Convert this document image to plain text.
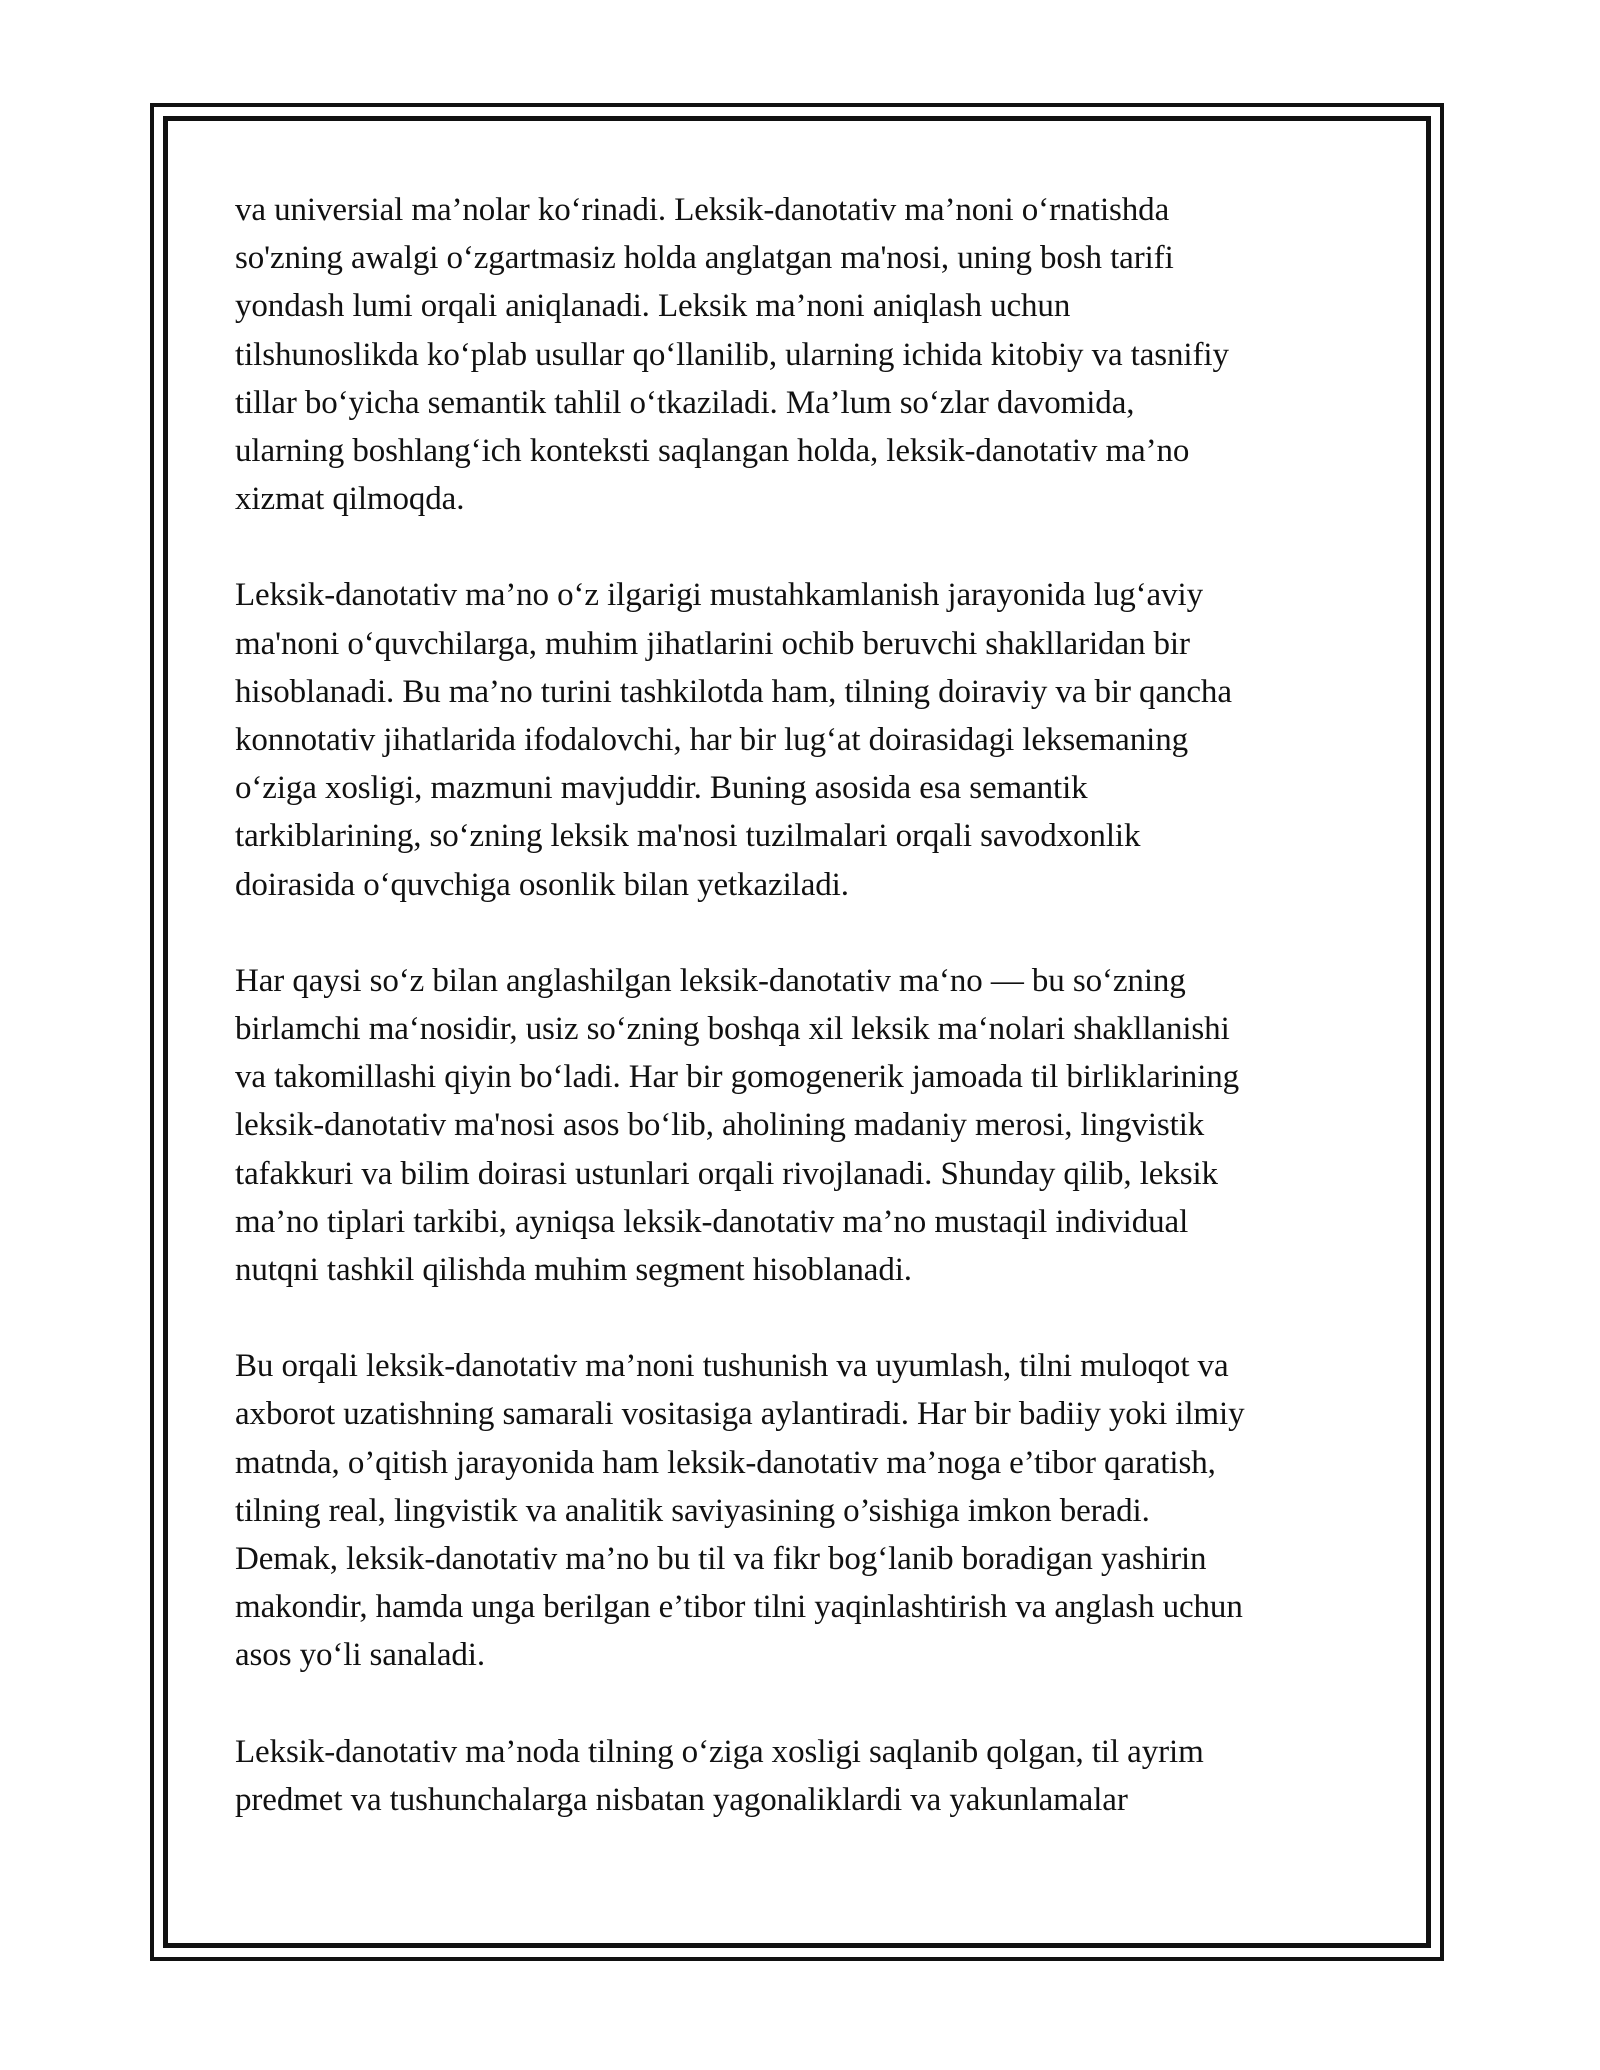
va universial ma’nolar ko‘rinadi. Leksik-danotativ ma’noni o‘rnatishda
so'zning awalgi o‘zgartmasiz holda anglatgan ma'nosi, uning bosh tarifi
yondash lumi orqali aniqlanadi. Leksik ma’noni aniqlash uchun
tilshunoslikda ko‘plab usullar qo‘llanilib, ularning ichida kitobiy va tasnifiy
tillar bo‘yicha semantik tahlil o‘tkaziladi. Ma’lum so‘zlar davomida,
ularning boshlang‘ich konteksti saqlangan holda, leksik-danotativ ma’no
xizmat qilmoqda.

Leksik-danotativ ma’no o‘z ilgarigi mustahkamlanish jarayonida lug‘aviy
ma'noni o‘quvchilarga, muhim jihatlarini ochib beruvchi shakllaridan bir
hisoblanadi. Bu ma’no turini tashkilotda ham, tilning doiraviy va bir qancha
konnotativ jihatlarida ifodalovchi, har bir lug‘at doirasidagi leksemaning
o‘ziga xosligi, mazmuni mavjuddir. Buning asosida esa semantik
tarkiblarining, so‘zning leksik ma'nosi tuzilmalari orqali savodxonlik
doirasida o‘quvchiga osonlik bilan yetkaziladi.

Har qaysi so‘z bilan anglashilgan leksik-danotativ ma‘no — bu so‘zning
birlamchi ma‘nosidir, usiz so‘zning boshqa xil leksik ma‘nolari shakllanishi
va takomillashi qiyin bo‘ladi. Har bir gomogenerik jamoada til birliklarining
leksik-danotativ ma'nosi asos bo‘lib, aholining madaniy merosi, lingvistik
tafakkuri va bilim doirasi ustunlari orqali rivojlanadi. Shunday qilib, leksik
ma’no tiplari tarkibi, ayniqsa leksik-danotativ ma’no mustaqil individual
nutqni tashkil qilishda muhim segment hisoblanadi.

Bu orqali leksik-danotativ ma’noni tushunish va uyumlash, tilni muloqot va
axborot uzatishning samarali vositasiga aylantiradi. Har bir badiiy yoki ilmiy
matnda, o’qitish jarayonida ham leksik-danotativ ma’noga e’tibor qaratish,
tilning real, lingvistik va analitik saviyasining o’sishiga imkon beradi.
Demak, leksik-danotativ ma’no bu til va fikr bog‘lanib boradigan yashirin
makondir, hamda unga berilgan e’tibor tilni yaqinlashtirish va anglash uchun
asos yo‘li sanaladi.

Leksik-danotativ ma’noda tilning o‘ziga xosligi saqlanib qolgan, til ayrim
predmet va tushunchalarga nisbatan yagonaliklardi va yakunlamalar
